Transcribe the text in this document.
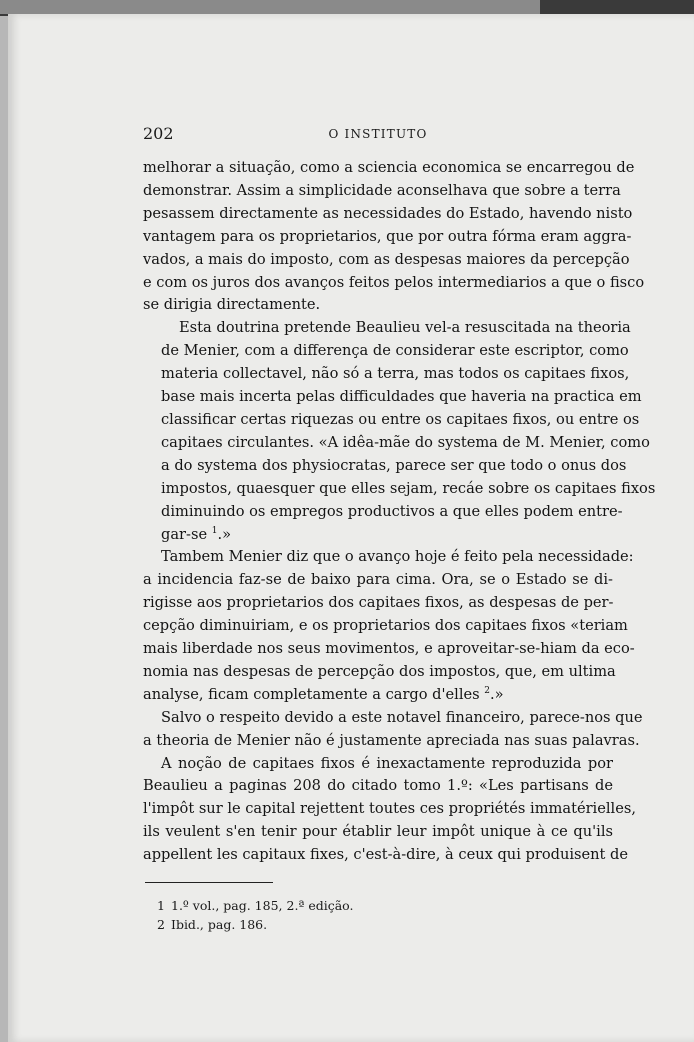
202	O INSTITUTO
melhorar a situação, como a sciencia economica se encarregou de
demonstrar. Assim a simplicidade aconselhava que sobre a terra
pesassem directamente as necessidades do Estado, havendo nisto
vantagem para os proprietarios, que por outra fórma eram aggra-
vados, a mais do imposto, com as despesas maiores da percepção
e com os juros dos avanços feitos pelos intermediarios a que o fisco
se dirigia directamente.
Esta doutrina pretende Beaulieu vel-a resuscitada na theoria
de Menier, com a differença de considerar este escriptor, como
materia collectavel, não só a terra, mas todos os capitaes fixos,
base mais incerta pelas difficuldades que haveria na practica em
classificar certas riquezas ou entre os capitaes fixos, ou entre os
capitaes circulantes. «A idêa-mãe do systema de M. Menier, como
a do systema dos physiocratas, parece ser que todo o onus dos
impostos, quaesquer que elles sejam, recáe sobre os capitaes fixos
diminuindo os empregos productivos a que elles podem entre-
gar-se $^1$.»
Tambem Menier diz que o avanço hoje é feito pela necessidade:
a incidencia faz-se de baixo para cima. Ora, se o Estado se di-
rigisse aos proprietarios dos capitaes fixos, as despesas de per-
cepção diminuiriam, e os proprietarios dos capitaes fixos «teriam
mais liberdade nos seus movimentos, e aproveitar-se-hiam da eco-
nomia nas despesas de percepção dos impostos, que, em ultima
analyse, ficam completamente a cargo d'elles $^2$.»
Salvo o respeito devido a este notavel financeiro, parece-nos que
a theoria de Menier não é justamente apreciada nas suas palavras.
A noção de capitaes fixos é inexactamente reproduzida por
Beaulieu a paginas 208 do citado tomo 1.º: «Les partisans de
l'impôt sur le capital rejettent toutes ces propriétés immatérielles,
ils veulent s'en tenir pour établir leur impôt unique à ce qu'ils
appellent les capitaux fixes, c'est-à-dire, à ceux qui produisent de
1 1.º vol., pag. 185, 2.ª edição.
2 Ibid., pag. 186.
